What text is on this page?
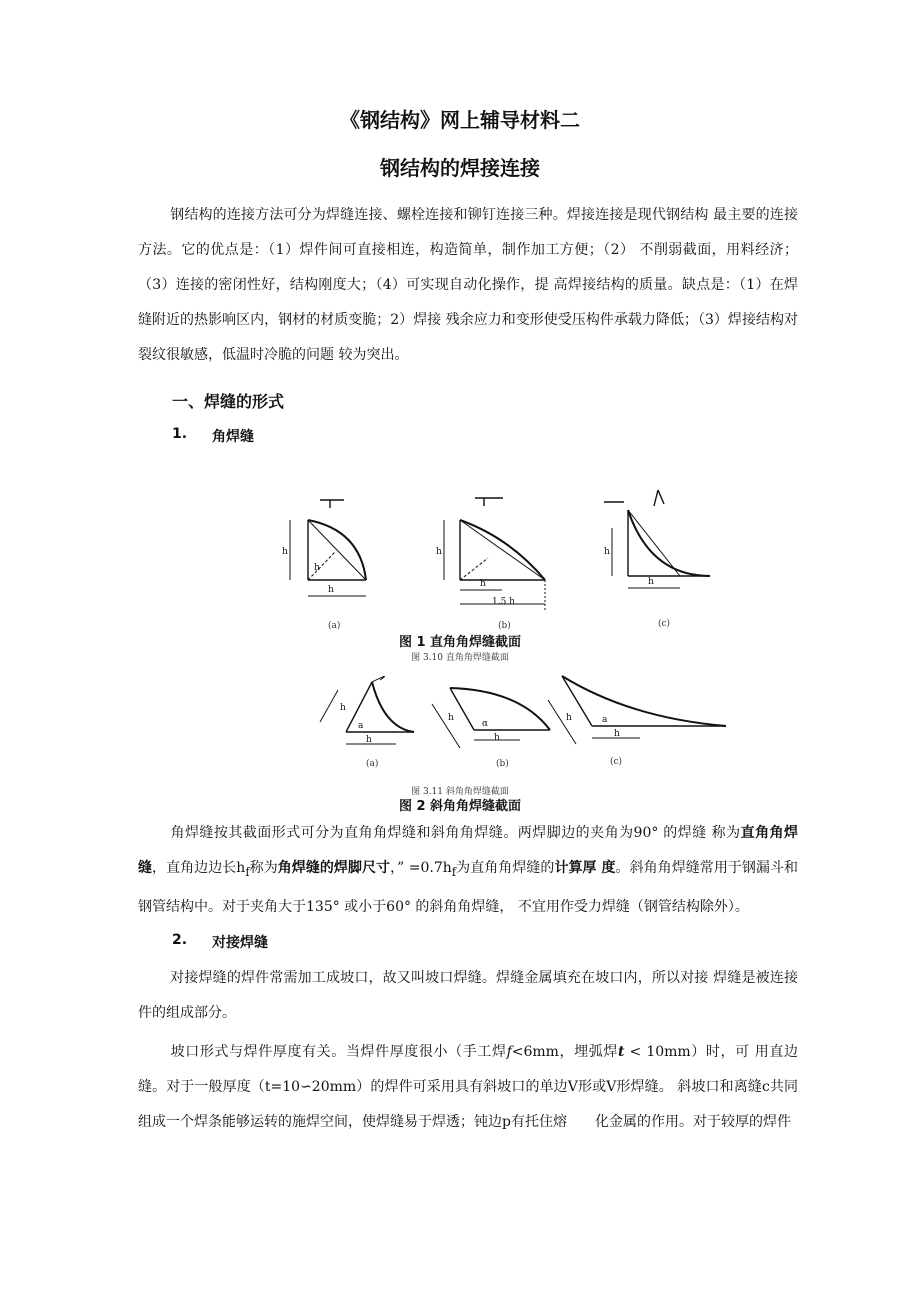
《钢结构》网上辅导材料二
钢结构的焊接连接
钢结构的连接方法可分为焊缝连接、螺栓连接和铆钉连接三种。焊接连接是现代钢结构 最主要的连接方法。它的优点是：（1）焊件间可直接相连，构造简单，制作加工方便；（2） 不削弱截面，用料经济；（3）连接的密闭性好，结构刚度大；（4）可实现自动化操作，提 高焊接结构的质量。缺点是：（1）在焊缝附近的热影响区内，钢材的材质变脆；2）焊接 残余应力和变形使受压构件承载力降低；（3）焊接结构对裂纹很敏感，低温时冷脆的问题 较为突出。
一、焊缝的形式
1. 角焊缝
h
h
h
h
h
1.5 h
h
h
(a)	(b)	(c)
图 1 直角角焊缝截面
图 3.10 直角角焊缝截面
h
a
h
h
α
h
h	a
h
(a)	(b)	(c)
图 3.11 斜角角焊缝截面
图 2 斜角角焊缝截面
角焊缝按其截面形式可分为直角角焊缝和斜角角焊缝。两焊脚边的夹角为90° 的焊缝 称为直角角焊缝，直角边边长$h_f$称为角焊缝的焊脚尺寸，” $=0.7h_f$为直角角焊缝的计算厚 度。斜角角焊缝常用于钢漏斗和钢管结构中。对于夹角大于135° 或小于60° 的斜角角焊缝， 不宜用作受力焊缝（钢管结构除外）。
2. 对接焊缝
对接焊缝的焊件常需加工成坡口，故又叫坡口焊缝。焊缝金属填充在坡口内，所以对接 焊缝是被连接件的组成部分。
坡口形式与焊件厚度有关。当焊件厚度很小（手工焊f<6mm，埋弧焊t < 10mm）时，可 用直边缝。对于一般厚度（t=10∽20mm）的焊件可采用具有斜坡口的单边V形或V形焊缝。 斜坡口和离缝c共同组成一个焊条能够运转的施焊空间，使焊缝易于焊透；钝边p有托住熔　　 化金属的作用。对于较厚的焊件
